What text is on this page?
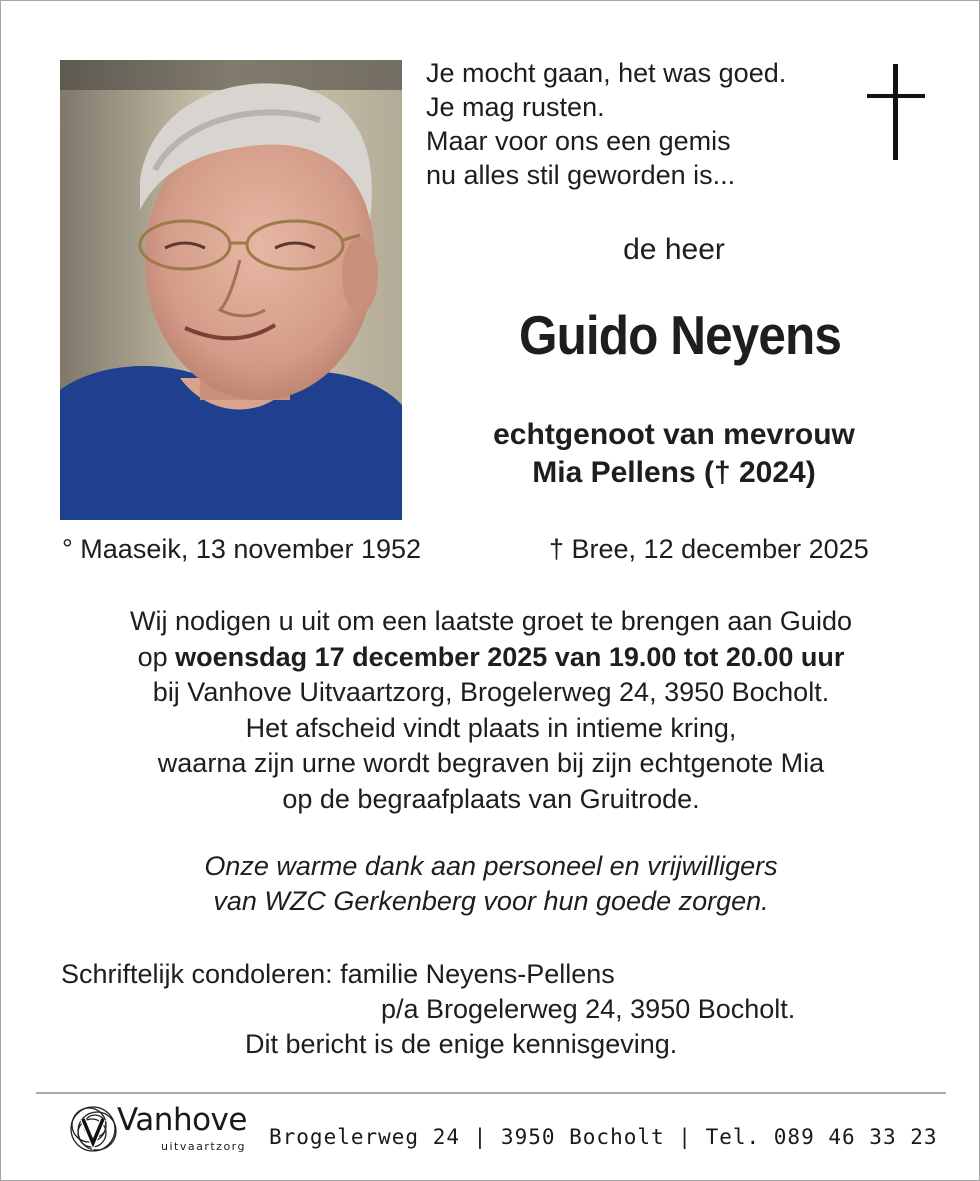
Je mocht gaan, het was goed.
Je mag rusten.
Maar voor ons een gemis
nu alles stil geworden is...
de heer
Guido Neyens
echtgenoot van mevrouw
Mia Pellens († 2024)
° Maaseik, 13 november 1952	† Bree, 12 december 2025
Wij nodigen u uit om een laatste groet te brengen aan Guido
op woensdag 17 december 2025 van 19.00 tot 20.00 uur
bij Vanhove Uitvaartzorg, Brogelerweg 24, 3950 Bocholt.
Het afscheid vindt plaats in intieme kring,
waarna zijn urne wordt begraven bij zijn echtgenote Mia
op de begraafplaats van Gruitrode.
Onze warme dank aan personeel en vrijwilligers
van WZC Gerkenberg voor hun goede zorgen.
Schriftelijk condoleren: familie Neyens-Pellens
p/a Brogelerweg 24, 3950 Bocholt.
Dit bericht is de enige kennisgeving.
Vanhove
uitvaartzorg Brogelerweg 24 | 3950 Bocholt | Tel. 089 46 33 23
